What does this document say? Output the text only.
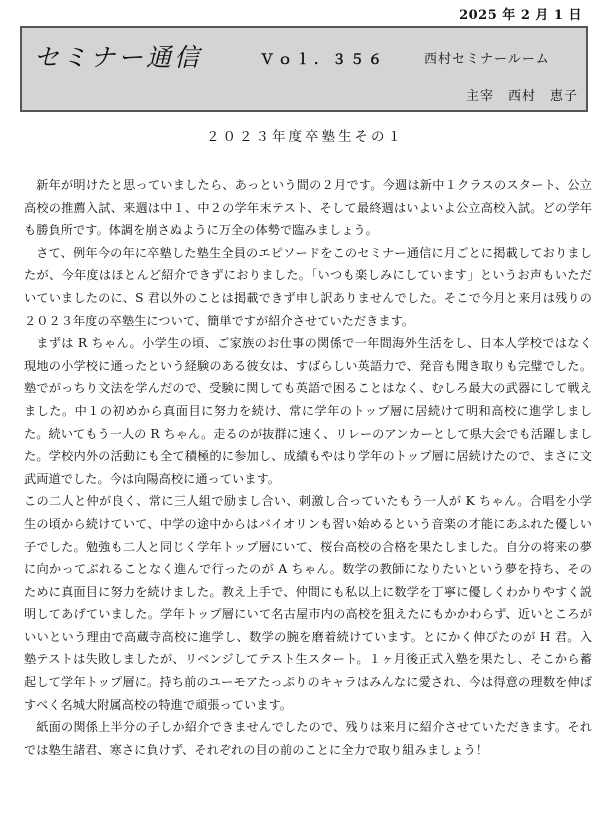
2025 年 2 月 1 日
セミナー通信	Ｖｏｌ．３５６	西村セミナールーム
主宰　西村　恵子
２０２３年度卒塾生その１

新年が明けたと思っていましたら、あっという間の２月です。今週は新中１クラスのスタート、公立高校の推薦入試、来週は中１、中２の学年末テスト、そして最終週はいよいよ公立高校入試。どの学年も勝負所です。体調を崩さぬように万全の体勢で臨みましょう。

さて、例年今の年に卒塾した塾生全員のエピソードをこのセミナー通信に月ごとに掲載しておりましたが、今年度はほとんど紹介できずにおりました。「いつも楽しみにしています」というお声もいただいていましたのに、S 君以外のことは掲載できず申し訳ありませんでした。そこで今月と来月は残りの２０２３年度の卒塾生について、簡単ですが紹介させていただきます。

まずは R ちゃん。小学生の頃、ご家族のお仕事の関係で一年間海外生活をし、日本人学校ではなく現地の小学校に通ったという経験のある彼女は、すばらしい英語力で、発音も聞き取りも完璧でした。塾でがっちり文法を学んだので、受験に関しても英語で困ることはなく、むしろ最大の武器にして戦えました。中１の初めから真面目に努力を続け、常に学年のトップ層に居続けて明和高校に進学しました。続いてもう一人の R ちゃん。走るのが抜群に速く、リレーのアンカーとして県大会でも活躍しました。学校内外の活動にも全て積極的に参加し、成績もやはり学年のトップ層に居続けたので、まさに文武両道でした。今は向陽高校に通っています。

この二人と仲が良く、常に三人組で励まし合い、刺激し合っていたもう一人が K ちゃん。合唱を小学生の頃から続けていて、中学の途中からはバイオリンも習い始めるという音楽の才能にあふれた優しい子でした。勉強も二人と同じく学年トップ層にいて、桜台高校の合格を果たしました。自分の将来の夢に向かってぶれることなく進んで行ったのが A ちゃん。数学の教師になりたいという夢を持ち、そのために真面目に努力を続けました。教え上手で、仲間にも私以上に数学を丁寧に優しくわかりやすく説明してあげていました。学年トップ層にいて名古屋市内の高校を狙えたにもかかわらず、近いところがいいという理由で高蔵寺高校に進学し、数学の腕を磨着続けています。とにかく伸びたのが H 君。入塾テストは失敗しましたが、リベンジしてテスト生スタート。１ヶ月後正式入塾を果たし、そこから蓄起して学年トップ層に。持ち前のユーモアたっぷりのキャラはみんなに愛され、今は得意の理数を伸ばすべく名城大附属高校の特進で頑張っています。

紙面の関係上半分の子しか紹介できませんでしたので、残りは来月に紹介させていただきます。それでは塾生諸君、寒さに負けず、それぞれの目の前のことに全力で取り組みましょう！
